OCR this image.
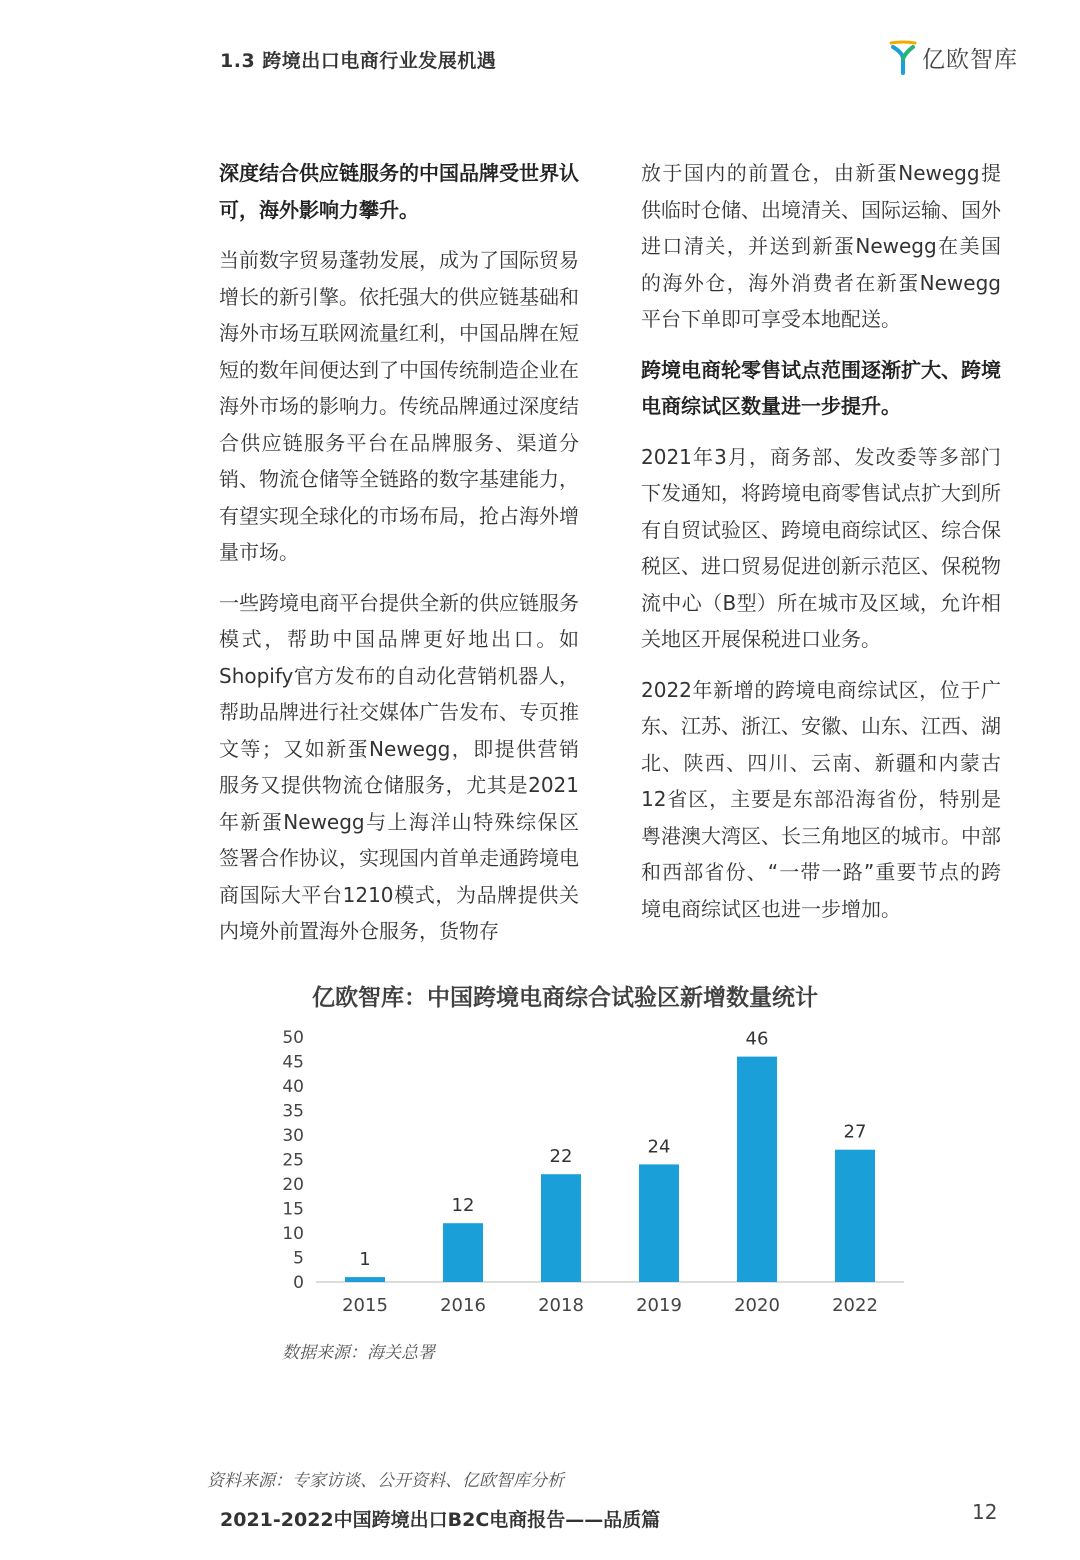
1.3 跨境出口电商行业发展机遇	亿欧智库

深度结合供应链服务的中国品牌受世界认可，海外影响力攀升。

当前数字贸易蓬勃发展，成为了国际贸易增长的新引擎。依托强大的供应链基础和海外市场互联网流量红利，中国品牌在短短的数年间便达到了中国传统制造企业在海外市场的影响力。传统品牌通过深度结合供应链服务平台在品牌服务、渠道分销、物流仓储等全链路的数字基建能力，有望实现全球化的市场布局，抢占海外增量市场。

一些跨境电商平台提供全新的供应链服务模式，帮助中国品牌更好地出口。如Shopify官方发布的自动化营销机器人，帮助品牌进行社交媒体广告发布、专页推文等；又如新蛋Newegg，即提供营销服务又提供物流仓储服务，尤其是2021年新蛋Newegg与上海洋山特殊综保区签署合作协议，实现国内首单走通跨境电商国际大平台1210模式，为品牌提供关内境外前置海外仓服务，货物存

放于国内的前置仓，由新蛋Newegg提供临时仓储、出境清关、国际运输、国外进口清关，并送到新蛋Newegg在美国的海外仓，海外消费者在新蛋Newegg平台下单即可享受本地配送。

跨境电商轮零售试点范围逐渐扩大、跨境电商综试区数量进一步提升。

2021年3月，商务部、发改委等多部门下发通知，将跨境电商零售试点扩大到所有自贸试验区、跨境电商综试区、综合保税区、进口贸易促进创新示范区、保税物流中心（B型）所在城市及区域，允许相关地区开展保税进口业务。

2022年新增的跨境电商综试区，位于广东、江苏、浙江、安徽、山东、江西、湖北、陕西、四川、云南、新疆和内蒙古12省区，主要是东部沿海省份，特别是粤港澳大湾区、长三角地区的城市。中部和西部省份、“一带一路”重要节点的跨境电商综试区也进一步增加。

亿欧智库：中国跨境电商综合试验区新增数量统计
0
5
10
15
20
25
30
35
40
45
50
1
2015
12
2016
22
2018
24
2019
46
2020
27
2022
数据来源：海关总署
资料来源：专家访谈、公开资料、亿欧智库分析
2021-2022中国跨境出口B2C电商报告——品质篇	12
